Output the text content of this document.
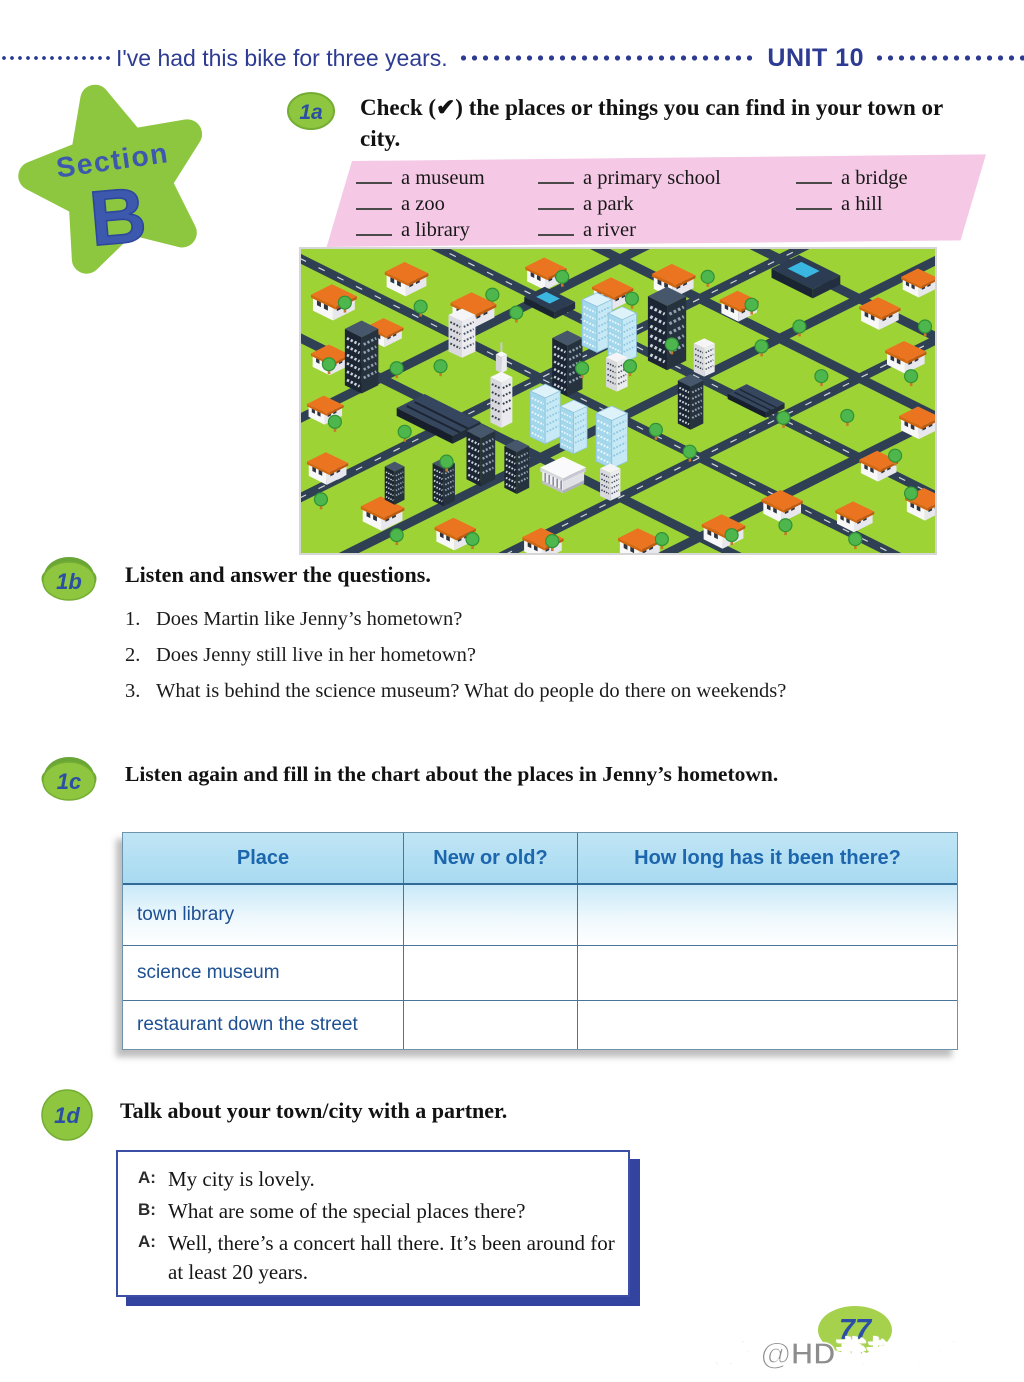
I've had this bike for three years.	UNIT 10
Section
B
1a Check (✔) the places or things you can find in your town or city.
a museum
a zoo
a library
a primary school
a park
a river
a bridge
a hill
1b Listen and answer the questions.
1. Does Martin like Jenny’s hometown?
2. Does Jenny still live in her hometown?
3. What is behind the science museum? What do people do there on weekends?
1c Listen again and fill in the chart about the places in Jenny’s hometown.
Place	New or old?	How long has it been there?
town library
science museum
restaurant down the street
1d Talk about your town/city with a partner.
A: My city is lovely.
B: What are some of the special places there?
A: Well, there’s a concert hall there. It’s been around for at least 20 years.
77
头条 @HD燕赵时光
